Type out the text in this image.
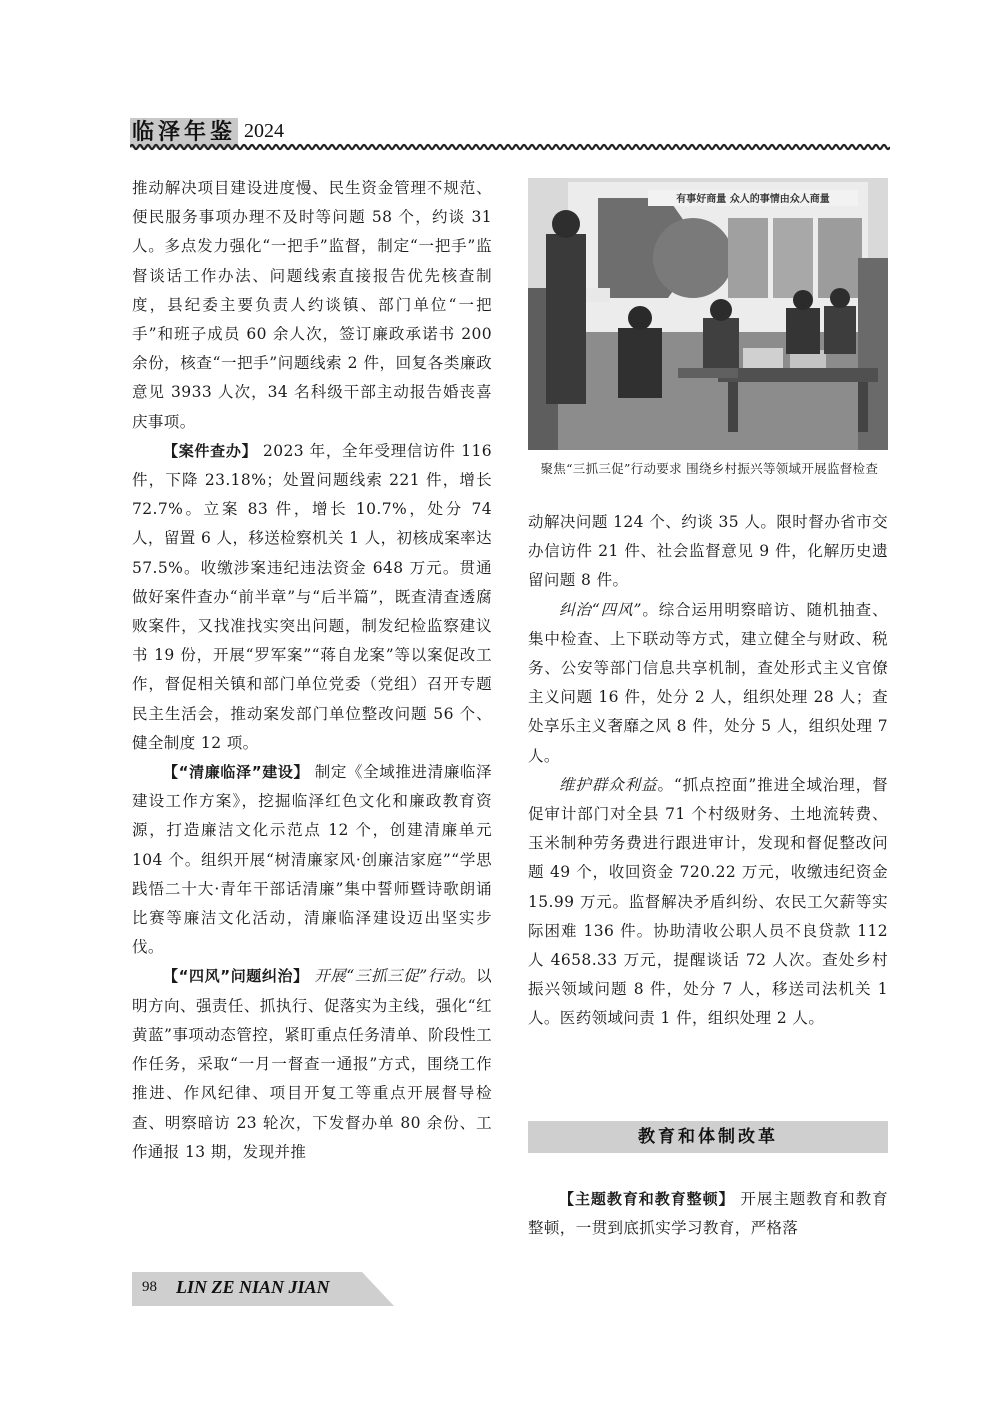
临泽年鉴 2024

推动解决项目建设进度慢、民生资金管理不规范、便民服务事项办理不及时等问题 58 个，约谈 31 人。多点发力强化“一把手”监督，制定“一把手”监督谈话工作办法、问题线索直接报告优先核查制度，县纪委主要负责人约谈镇、部门单位“一把手”和班子成员 60 余人次，签订廉政承诺书 200 余份，核查“一把手”问题线索 2 件，回复各类廉政意见 3933 人次，34 名科级干部主动报告婚丧喜庆事项。

【案件查办】 2023 年，全年受理信访件 116 件，下降 23.18%；处置问题线索 221 件，增长 72.7%。立案 83 件，增长 10.7%，处分 74 人，留置 6 人，移送检察机关 1 人，初核成案率达 57.5%。收缴涉案违纪违法资金 648 万元。贯通做好案件查办“前半章”与“后半篇”，既查清查透腐败案件，又找准找实突出问题，制发纪检监察建议书 19 份，开展“罗军案”“蒋自龙案”等以案促改工作，督促相关镇和部门单位党委（党组）召开专题民主生活会，推动案发部门单位整改问题 56 个、健全制度 12 项。

【“清廉临泽”建设】 制定《全域推进清廉临泽建设工作方案》，挖掘临泽红色文化和廉政教育资源，打造廉洁文化示范点 12 个，创建清廉单元 104 个。组织开展“树清廉家风·创廉洁家庭”“学思践悟二十大·青年干部话清廉”集中誓师暨诗歌朗诵比赛等廉洁文化活动，清廉临泽建设迈出坚实步伐。

【“四风”问题纠治】 开展“三抓三促”行动。以明方向、强责任、抓执行、促落实为主线，强化“红黄蓝”事项动态管控，紧盯重点任务清单、阶段性工作任务，采取“一月一督查一通报”方式，围绕工作推进、作风纪律、项目开复工等重点开展督导检查、明察暗访 23 轮次，下发督办单 80 余份、工作通报 13 期，发现并推

有事好商量 众人的事情由众人商量
聚焦“三抓三促”行动要求 围绕乡村振兴等领域开展监督检查

动解决问题 124 个、约谈 35 人。限时督办省市交办信访件 21 件、社会监督意见 9 件，化解历史遗留问题 8 件。

纠治“四风”。综合运用明察暗访、随机抽查、集中检查、上下联动等方式，建立健全与财政、税务、公安等部门信息共享机制，查处形式主义官僚主义问题 16 件，处分 2 人，组织处理 28 人；查处享乐主义奢靡之风 8 件，处分 5 人，组织处理 7 人。

维护群众利益。“抓点控面”推进全域治理，督促审计部门对全县 71 个村级财务、土地流转费、玉米制种劳务费进行跟进审计，发现和督促整改问题 49 个，收回资金 720.22 万元，收缴违纪资金 15.99 万元。监督解决矛盾纠纷、农民工欠薪等实际困难 136 件。协助清收公职人员不良贷款 112 人 4658.33 万元，提醒谈话 72 人次。查处乡村振兴领域问题 8 件，处分 7 人，移送司法机关 1 人。医药领域问责 1 件，组织处理 2 人。

教育和体制改革

【主题教育和教育整顿】 开展主题教育和教育整顿，一贯到底抓实学习教育，严格落

98 LIN ZE NIAN JIAN
